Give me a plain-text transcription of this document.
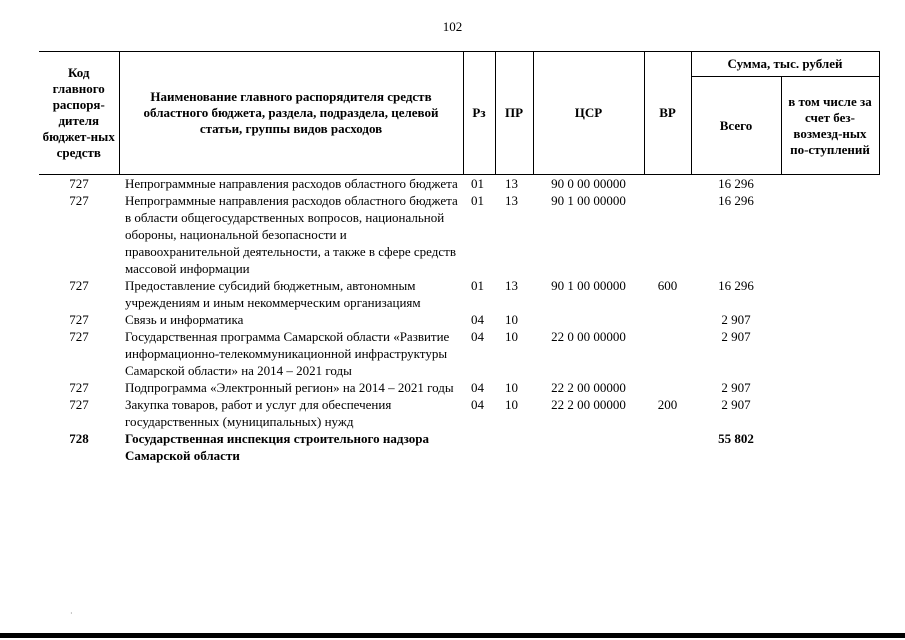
102
Код главного распоря-дителя бюджет-ных средств	Наименование главного распорядителя средств областного бюджета, раздела, подраздела, целевой статьи, группы видов расходов	Рз	ПР	ЦСР	ВР	Сумма, тыс. рублей	
						Всего	в том числе за счет без-возмезд-ных по-ступлений
727	Непрограммные направления расходов областного бюджета	01	13	90 0 00 00000		16 296	
727	Непрограммные направления расходов областного бюджета в области общегосударственных вопросов, национальной обороны, национальной безопасности и правоохранительной деятельности, а также в сфере средств массовой информации	01	13	90 1 00 00000		16 296	
727	Предоставление субсидий бюджетным, автономным учреждениям и иным некоммерческим организациям	01	13	90 1 00 00000	600	16 296	
727	Связь и информатика	04	10			2 907	
727	Государственная программа Самарской области «Развитие информационно-телекоммуникационной инфраструктуры Самарской области» на 2014 – 2021 годы	04	10	22 0 00 00000		2 907	
727	Подпрограмма «Электронный регион» на 2014 – 2021 годы	04	10	22 2 00 00000		2 907	
727	Закупка товаров, работ и услуг для обеспечения государственных (муниципальных) нужд	04	10	22 2 00 00000	200	2 907	
728	Государственная инспекция строительного надзора Самарской области					55 802	
·
